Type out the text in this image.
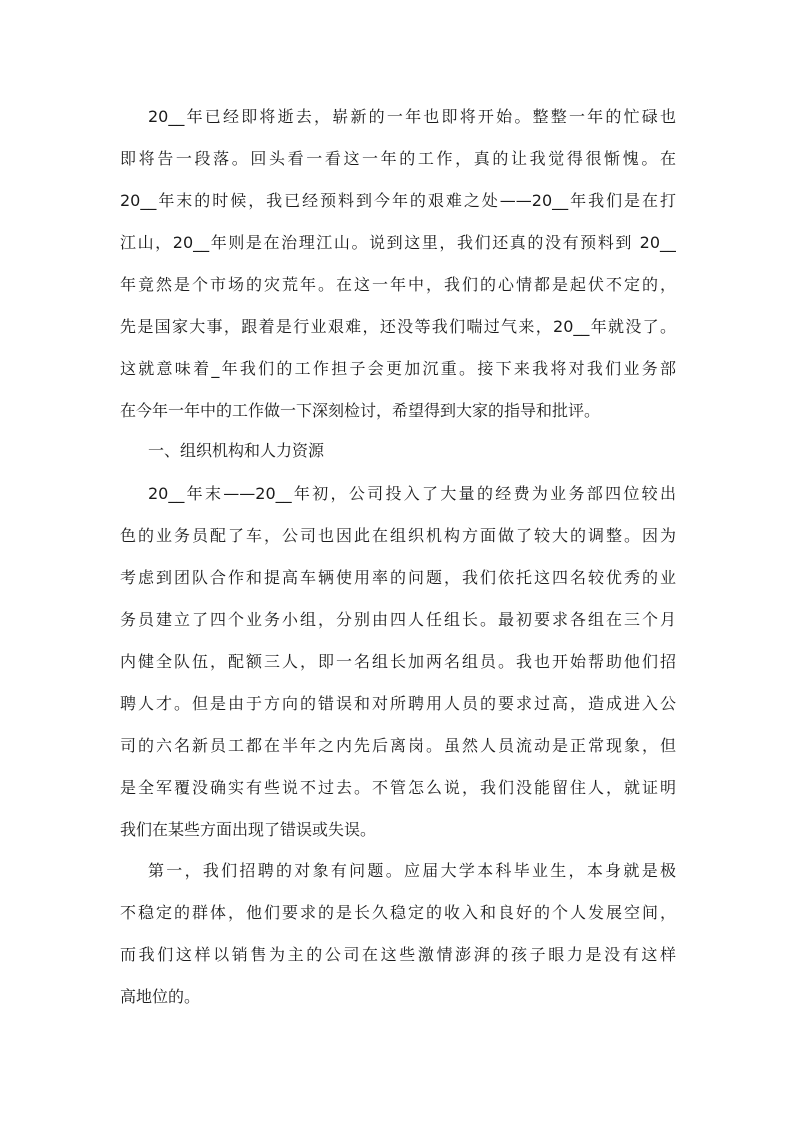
20__年已经即将逝去，崭新的一年也即将开始。整整一年的忙碌也
即将告一段落。回头看一看这一年的工作，真的让我觉得很惭愧。在
20__年末的时候，我已经预料到今年的艰难之处——20__年我们是在打
江山，20__年则是在治理江山。说到这里，我们还真的没有预料到 20__
年竟然是个市场的灾荒年。在这一年中，我们的心情都是起伏不定的，
先是国家大事，跟着是行业艰难，还没等我们喘过气来，20__年就没了。
这就意味着_年我们的工作担子会更加沉重。接下来我将对我们业务部
在今年一年中的工作做一下深刻检讨，希望得到大家的指导和批评。
一、组织机构和人力资源
20__年末——20__年初，公司投入了大量的经费为业务部四位较出
色的业务员配了车，公司也因此在组织机构方面做了较大的调整。因为
考虑到团队合作和提高车辆使用率的问题，我们依托这四名较优秀的业
务员建立了四个业务小组，分别由四人任组长。最初要求各组在三个月
内健全队伍，配额三人，即一名组长加两名组员。我也开始帮助他们招
聘人才。但是由于方向的错误和对所聘用人员的要求过高，造成进入公
司的六名新员工都在半年之内先后离岗。虽然人员流动是正常现象，但
是全军覆没确实有些说不过去。不管怎么说，我们没能留住人，就证明
我们在某些方面出现了错误或失误。
第一，我们招聘的对象有问题。应届大学本科毕业生，本身就是极
不稳定的群体，他们要求的是长久稳定的收入和良好的个人发展空间，
而我们这样以销售为主的公司在这些激情澎湃的孩子眼力是没有这样
高地位的。
